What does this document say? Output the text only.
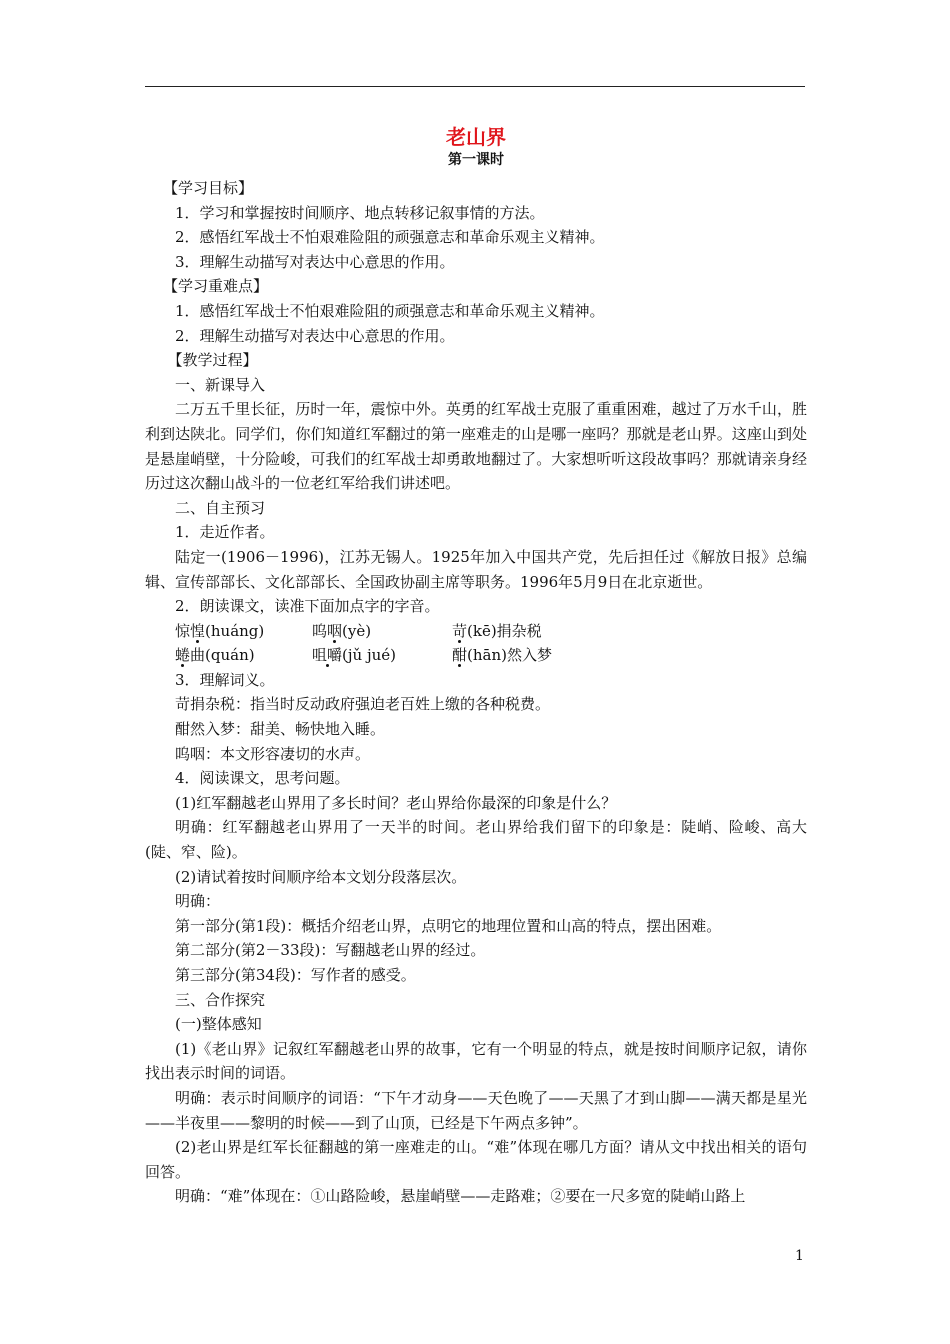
老山界
第一课时
【学习目标】
1．学习和掌握按时间顺序、地点转移记叙事情的方法。
2．感悟红军战士不怕艰难险阻的顽强意志和革命乐观主义精神。
3．理解生动描写对表达中心意思的作用。
【学习重难点】
1．感悟红军战士不怕艰难险阻的顽强意志和革命乐观主义精神。
2．理解生动描写对表达中心意思的作用。
【教学过程】
一、新课导入
二万五千里长征，历时一年，震惊中外。英勇的红军战士克服了重重困难，越过了万水千山，胜利到达陕北。同学们，你们知道红军翻过的第一座难走的山是哪一座吗？那就是老山界。这座山到处是悬崖峭壁，十分险峻，可我们的红军战士却勇敢地翻过了。大家想听听这段故事吗？那就请亲身经历过这次翻山战斗的一位老红军给我们讲述吧。
二、自主预习
1．走近作者。
陆定一(1906－1996)，江苏无锡人。1925年加入中国共产党，先后担任过《解放日报》总编辑、宣传部部长、文化部部长、全国政协副主席等职务。1996年5月9日在北京逝世。
2．朗读课文，读准下面加点字的字音。
惊惶(huáng)	呜咽(yè)	苛(kē)捐杂税
蜷曲(quán)	咀嚼(jǔ jué)	酣(hān)然入梦
3．理解词义。
苛捐杂税：指当时反动政府强迫老百姓上缴的各种税费。
酣然入梦：甜美、畅快地入睡。
呜咽：本文形容凄切的水声。
4．阅读课文，思考问题。
(1)红军翻越老山界用了多长时间？老山界给你最深的印象是什么？
明确：红军翻越老山界用了一天半的时间。老山界给我们留下的印象是：陡峭、险峻、高大(陡、窄、险)。
(2)请试着按时间顺序给本文划分段落层次。
明确：
第一部分(第1段)：概括介绍老山界，点明它的地理位置和山高的特点，摆出困难。
第二部分(第2－33段)：写翻越老山界的经过。
第三部分(第34段)：写作者的感受。
三、合作探究
(一)整体感知
(1)《老山界》记叙红军翻越老山界的故事，它有一个明显的特点，就是按时间顺序记叙，请你找出表示时间的词语。
明确：表示时间顺序的词语：“下午才动身——天色晚了——天黑了才到山脚——满天都是星光——半夜里——黎明的时候——到了山顶，已经是下午两点多钟”。
(2)老山界是红军长征翻越的第一座难走的山。“难”体现在哪几方面？请从文中找出相关的语句回答。
明确：“难”体现在：①山路险峻，悬崖峭壁——走路难；②要在一尺多宽的陡峭山路上
1
